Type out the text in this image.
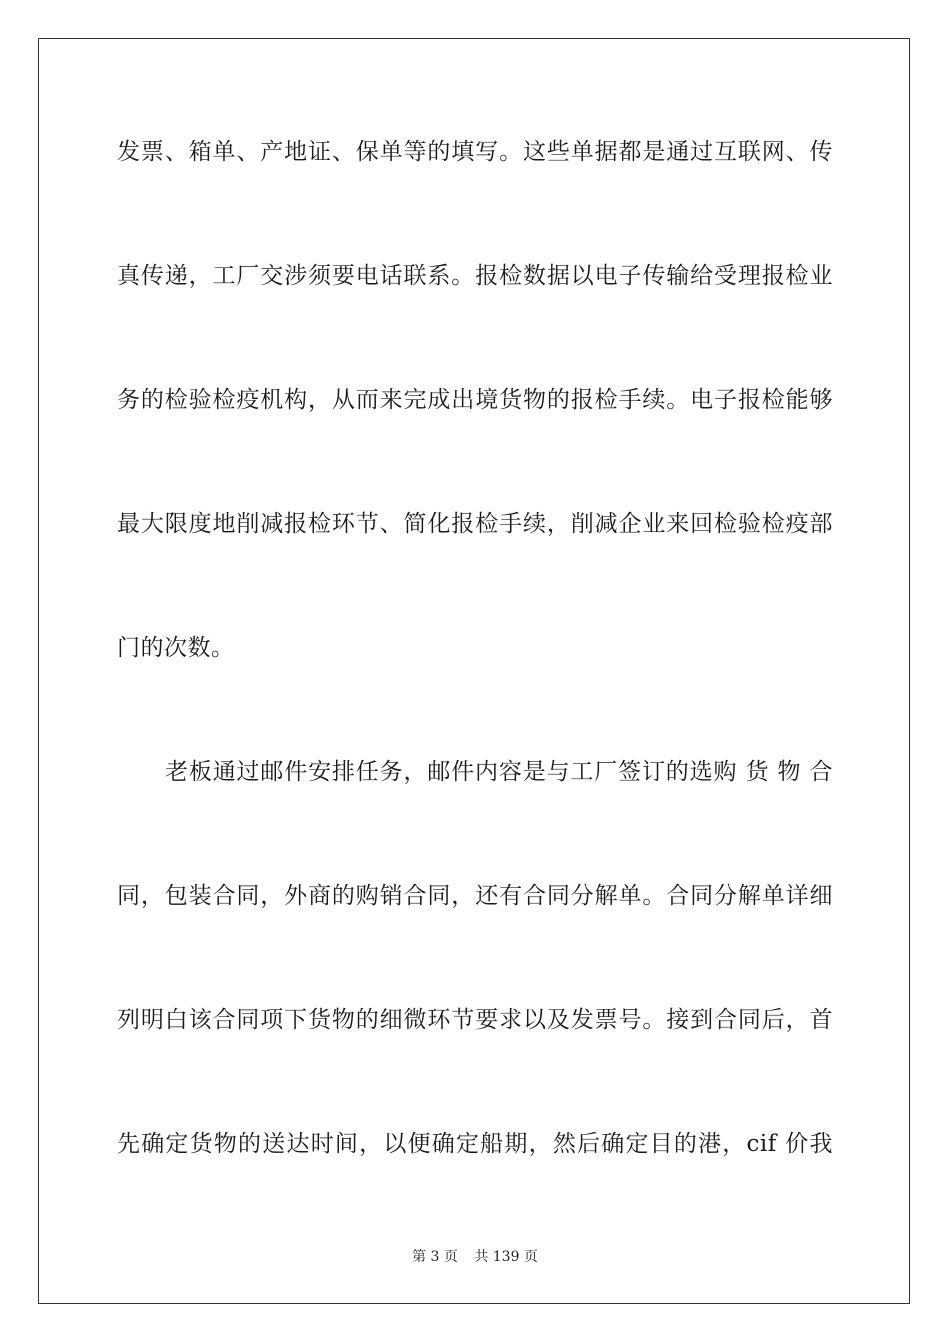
发票、箱单、产地证、保单等的填写。这些单据都是通过互联网、传
真传递，工厂交涉须要电话联系。报检数据以电子传输给受理报检业
务的检验检疫机构，从而来完成出境货物的报检手续。电子报检能够
最大限度地削减报检环节、简化报检手续，削减企业来回检验检疫部
门的次数。
老板通过邮件安排任务，邮件内容是与工厂签订的选购 货 物 合
同，包装合同，外商的购销合同，还有合同分解单。合同分解单详细
列明白该合同项下货物的细微环节要求以及发票号。接到合同后，首
先确定货物的送达时间，以便确定船期，然后确定目的港，cif 价我
第 3 页 共 139 页
